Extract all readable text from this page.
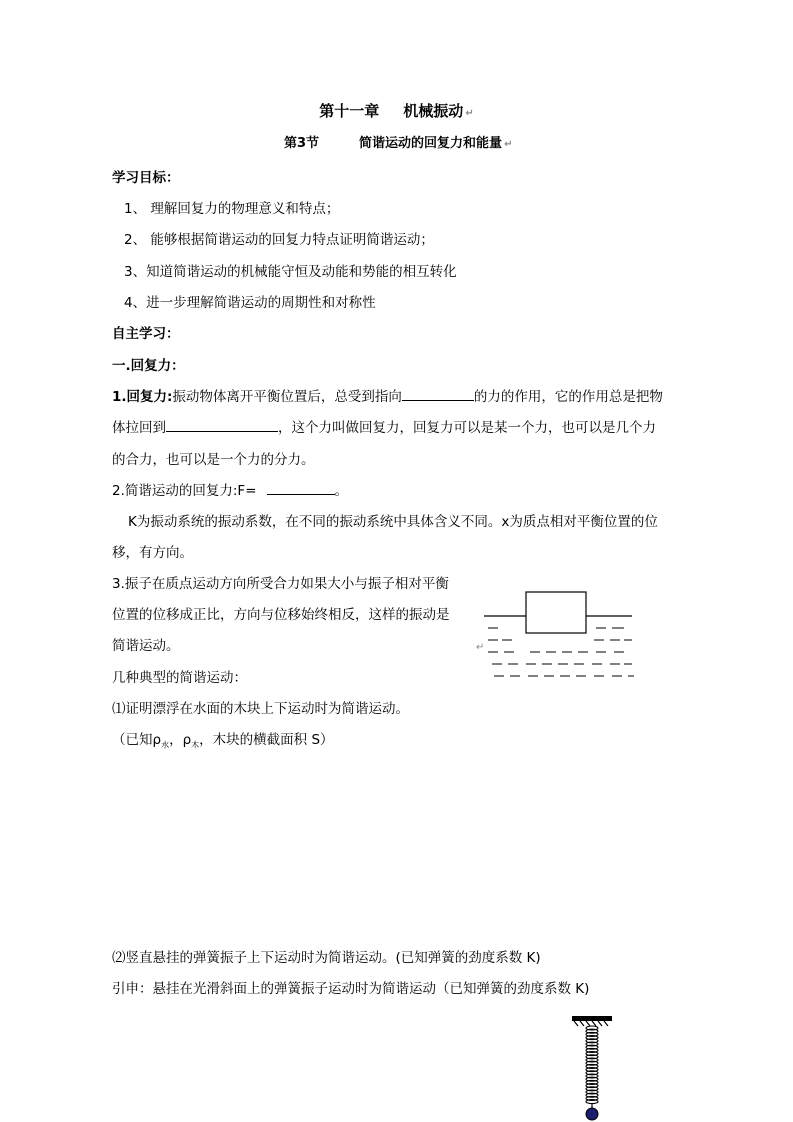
第十一章 机械振动 ↵
第3节	简谐运动的回复力和能量 ↵
学习目标：
1、 理解回复力的物理意义和特点；
2、 能够根据简谐运动的回复力特点证明简谐运动；
3、知道简谐运动的机械能守恒及动能和势能的相互转化
4、进一步理解简谐运动的周期性和对称性
自主学习：
一.回复力：
1.回复力:振动物体离开平衡位置后，总受到指向	的力的作用，它的作用总是把物
体拉回到	，这个力叫做回复力，回复力可以是某一个力，也可以是几个力
的合力，也可以是一个力的分力。
2.简谐运动的回复力:F=	。
K为振动系统的振动系数，在不同的振动系统中具体含义不同。x为质点相对平衡位置的位
移，有方向。
3.振子在质点运动方向所受合力如果大小与振子相对平衡
位置的位移成正比，方向与位移始终相反，这样的振动是
简谐运动。	↵
几种典型的简谐运动：
⑴证明漂浮在水面的木块上下运动时为简谐运动。
（已知$\rho_水$，$\rho_木$，木块的横截面积 S）
⑵竖直悬挂的弹簧振子上下运动时为简谐运动。(已知弹簧的劲度系数 K)
引申：悬挂在光滑斜面上的弹簧振子运动时为简谐运动（已知弹簧的劲度系数 K)
